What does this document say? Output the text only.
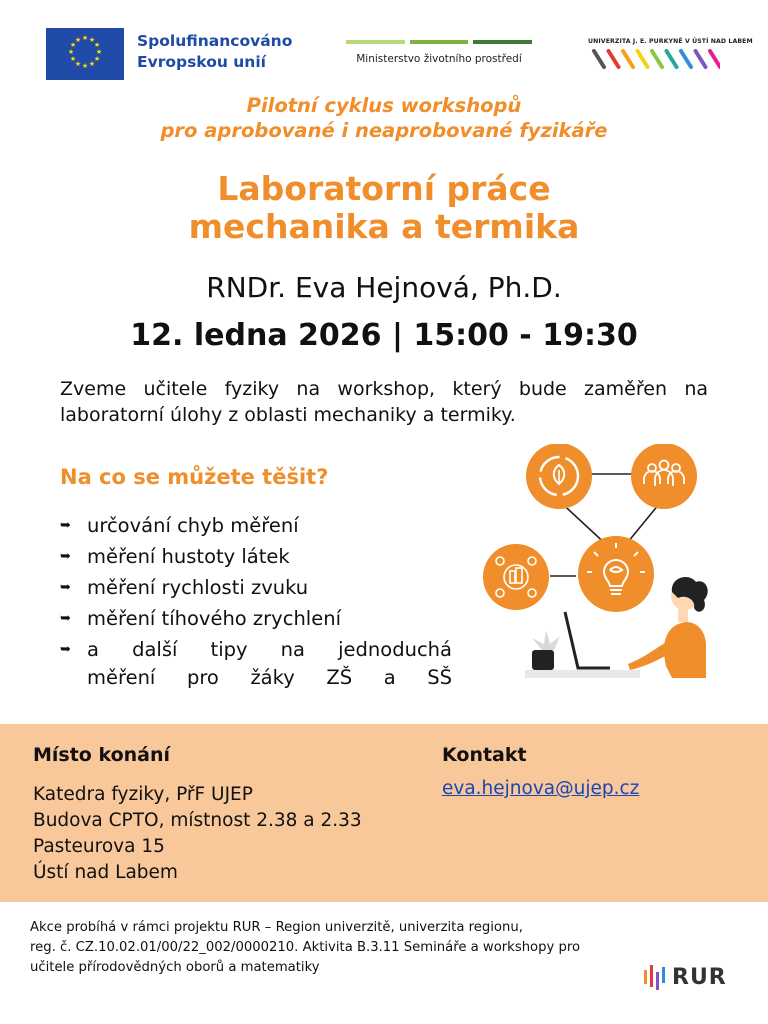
★ ★
★
★
★
★
★
★
★
★
★
★	Spolufinancováno
Evropskou unií	Ministerstvo životního prostředí
UNIVERZITA J. E. PURKYNĚ V ÚSTÍ NAD LABEM
Pilotní cyklus workshopů
pro aprobované i neaprobované fyzikáře
Laboratorní práce
mechanika a termika
RNDr. Eva Hejnová, Ph.D.
12. ledna 2026 | 15:00 - 19:30
Zveme učitele fyziky na workshop, který bude zaměřen na laboratorní úlohy z oblasti mechaniky a termiky.
Na co se můžete těšit?
➥ určování chyb měření
➥ měření hustoty látek
➥ měření rychlosti zvuku
➥ měření tíhového zrychlení
➥ a další tipy na jednoduchá
měření pro žáky ZŠ a SŠ
Místo konání
Katedra fyziky, PřF UJEP
Budova CPTO, místnost 2.38 a 2.33
Pasteurova 15
Ústí nad Labem
Kontakt
eva.hejnova@ujep.cz
Akce probíhá v rámci projektu RUR – Region univerzitě, univerzita regionu,
reg. č. CZ.10.02.01/00/22_002/0000210. Aktivita B.3.11 Semináře a workshopy pro
učitele přírodovědných oborů a matematiky	RUR
